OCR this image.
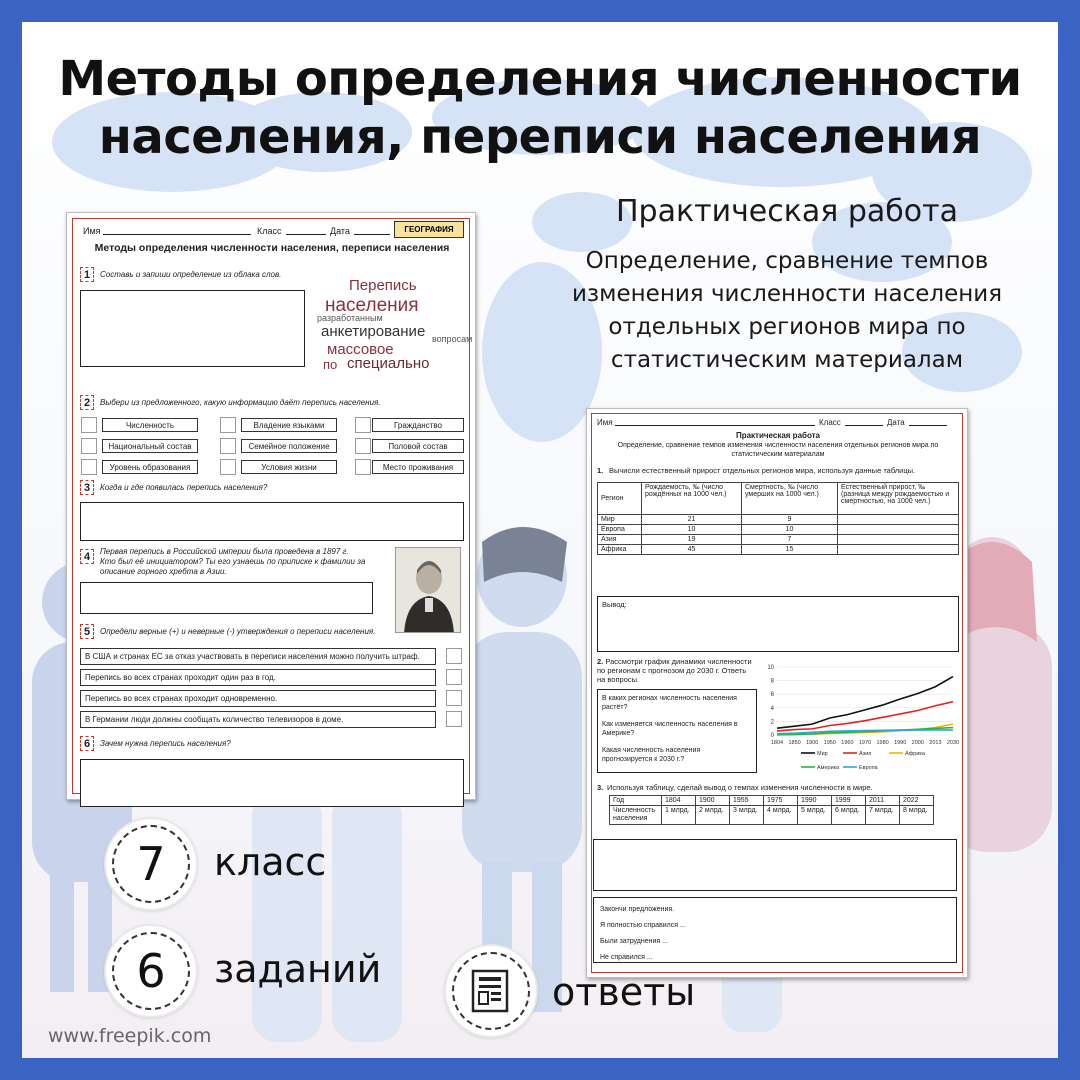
Методы определения численности
населения, переписи населения
Практическая работа
Определение, сравнение темпов
изменения численности населения
отдельных регионов мира по
статистическим материалам
Имя	Класс	Дата	ГЕОГРАФИЯ
Методы определения численности населения, переписи населения
1	Составь и запиши определение из облака слов.
Перепись
населения
разработанным
анкетирование вопросам
массовое
по специально
2	Выбери из предложенного, какую информацию даёт перепись населения.
Численность	Владение языками	Гражданство
Национальный состав	Семейное положение	Половой состав
Уровень образования	Условия жизни	Место проживания
3	Когда и где появилась перепись населения?
4	Первая перепись в Российской империи была проведена в 1897 г.
Кто был её инициатором? Ты его узнаешь по приписке к фамилии за
описание горного хребта в Азии.
5	Определи верные (+) и неверные (-) утверждения о переписи населения.
В США и странах ЕС за отказ участвовать в переписи населения можно получить штраф.
Перепись во всех странах проходит один раз в год.
Перепись во всех странах проходит одновременно.
В Германии люди должны сообщать количество телевизоров в доме.
6	Зачем нужна перепись населения?
Имя	Класс	Дата
Практическая работа
Определение, сравнение темпов изменения численности населения отдельных регионов мира по
статистическим материалам
1. Вычисли естественный прирост отдельных регионов мира, используя данные таблицы.
Регион	Рождаемость, ‰ (число рождённых на 1000 чел.)	Смертность, ‰ (число умерших на 1000 чел.)	Естественный прирост, ‰ (разница между рождаемостью и смертностью, на 1000 чел.)
Мир	21	9	
Европа	10	10	
Азия	19	7	
Африка	45	15	
Вывод:
2. Рассмотри график динамики численности
по регионам с прогнозом до 2030 г. Ответь
на вопросы.
В каких регионах численность населения
растёт?
Как изменяется численность населения в
Америке?
Какая численность населения
прогнозируется к 2030 г.?
0
2
4
6
8
10
1804 1850 1900 1950 1960 1970 1980 1990 2000 2013 2030
Мир	Азия	Африка
Америка	Европа
3. Используя таблицу, сделай вывод о темпах изменения численности в мире.
Год	1804	1900	1955	1975	1990	1999	2011	2022

Численность
населения	1 млрд.	2 млрд.	3 млрд.	4 млрд.	5 млрд.	6 млрд.	7 млрд.	8 млрд.
Закончи предложения.
Я полностью справился ...
Были затруднения ...
Не справился ...
7	класс
6	заданий
ответы
www.freepik.com
